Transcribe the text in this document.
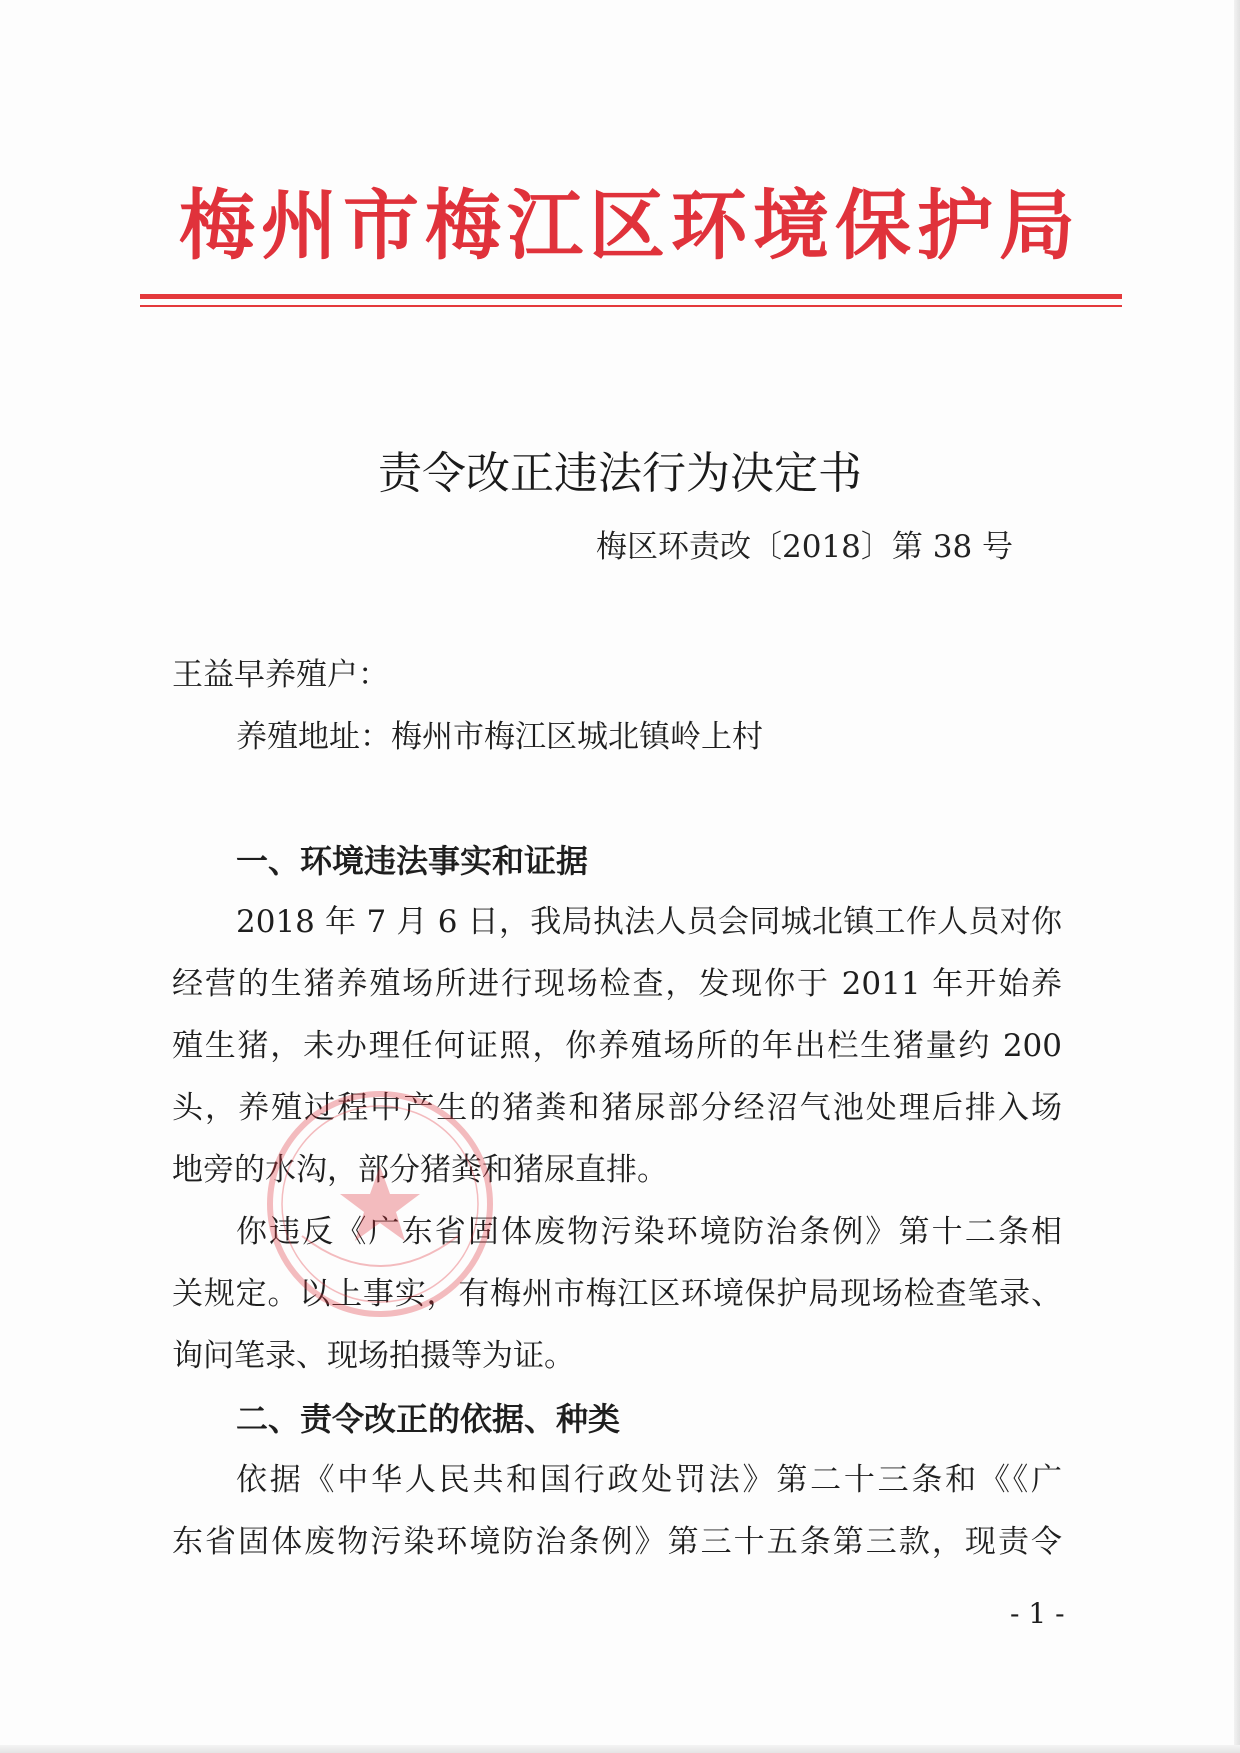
梅州市梅江区环境保护局
责令改正违法行为决定书
梅区环责改〔2018〕第 38 号
王益早养殖户：
养殖地址：梅州市梅江区城北镇岭上村
一、环境违法事实和证据
2018 年 7 月 6 日，我局执法人员会同城北镇工作人员对你
经营的生猪养殖场所进行现场检查，发现你于 2011 年开始养
殖生猪，未办理任何证照，你养殖场所的年出栏生猪量约 200
头，养殖过程中产生的猪粪和猪尿部分经沼气池处理后排入场
地旁的水沟，部分猪粪和猪尿直排。
你违反《广东省固体废物污染环境防治条例》第十二条相
关规定。以上事实，有梅州市梅江区环境保护局现场检查笔录、
询问笔录、现场拍摄等为证。
二、责令改正的依据、种类
依据《中华人民共和国行政处罚法》第二十三条和《《广
东省固体废物污染环境防治条例》第三十五条第三款，现责令
- 1 -
